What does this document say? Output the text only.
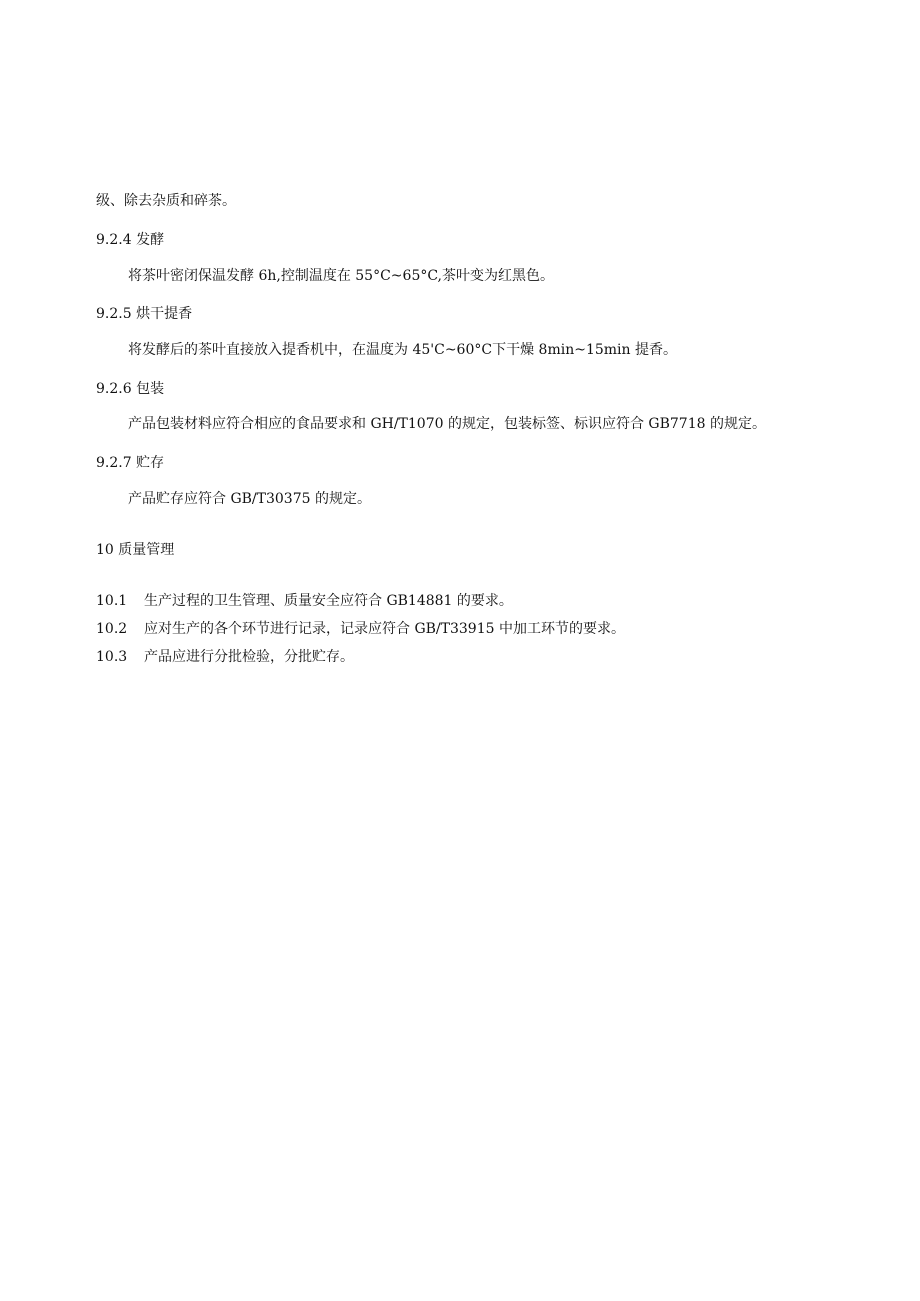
级、除去杂质和碎茶。
9.2.4 发酵
将茶叶密闭保温发酵 6h,控制温度在 55°C~65°C,茶叶变为红黑色。
9.2.5 烘干提香
将发酵后的茶叶直接放入提香机中，在温度为 45'C~60°C下干燥 8min~15min 提香。
9.2.6 包装
产品包装材料应符合相应的食品要求和 GH/T1070 的规定，包装标签、标识应符合 GB7718 的规定。
9.2.7 贮存
产品贮存应符合 GB/T30375 的规定。
10 质量管理
10.1 生产过程的卫生管理、质量安全应符合 GB14881 的要求。
10.2 应对生产的各个环节进行记录，记录应符合 GB/T33915 中加工环节的要求。
10.3 产品应进行分批检验，分批贮存。
